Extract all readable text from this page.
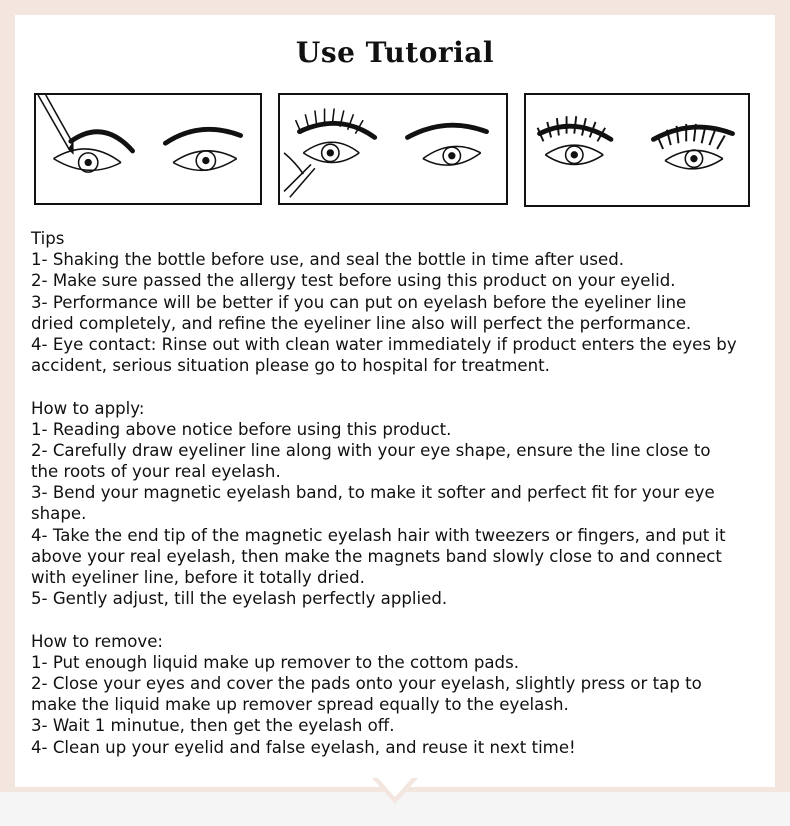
Use Tutorial
Tips
1- Shaking the bottle before use, and seal the bottle in time after used.
2- Make sure passed the allergy test before using this product on your eyelid.
3- Performance will be better if you can put on eyelash before the eyeliner line
dried completely, and refine the eyeliner line also will perfect the performance.
4- Eye contact: Rinse out with clean water immediately if product enters the eyes by
accident, serious situation please go to hospital for treatment.
How to apply:
1- Reading above notice before using this product.
2- Carefully draw eyeliner line along with your eye shape, ensure the line close to
the roots of your real eyelash.
3- Bend your magnetic eyelash band, to make it softer and perfect fit for your eye
shape.
4- Take the end tip of the magnetic eyelash hair with tweezers or fingers, and put it
above your real eyelash, then make the magnets band slowly close to and connect
with eyeliner line, before it totally dried.
5- Gently adjust, till the eyelash perfectly applied.
How to remove:
1- Put enough liquid make up remover to the cottom pads.
2- Close your eyes and cover the pads onto your eyelash, slightly press or tap to
make the liquid make up remover spread equally to the eyelash.
3- Wait 1 minutue, then get the eyelash off.
4- Clean up your eyelid and false eyelash, and reuse it next time!
